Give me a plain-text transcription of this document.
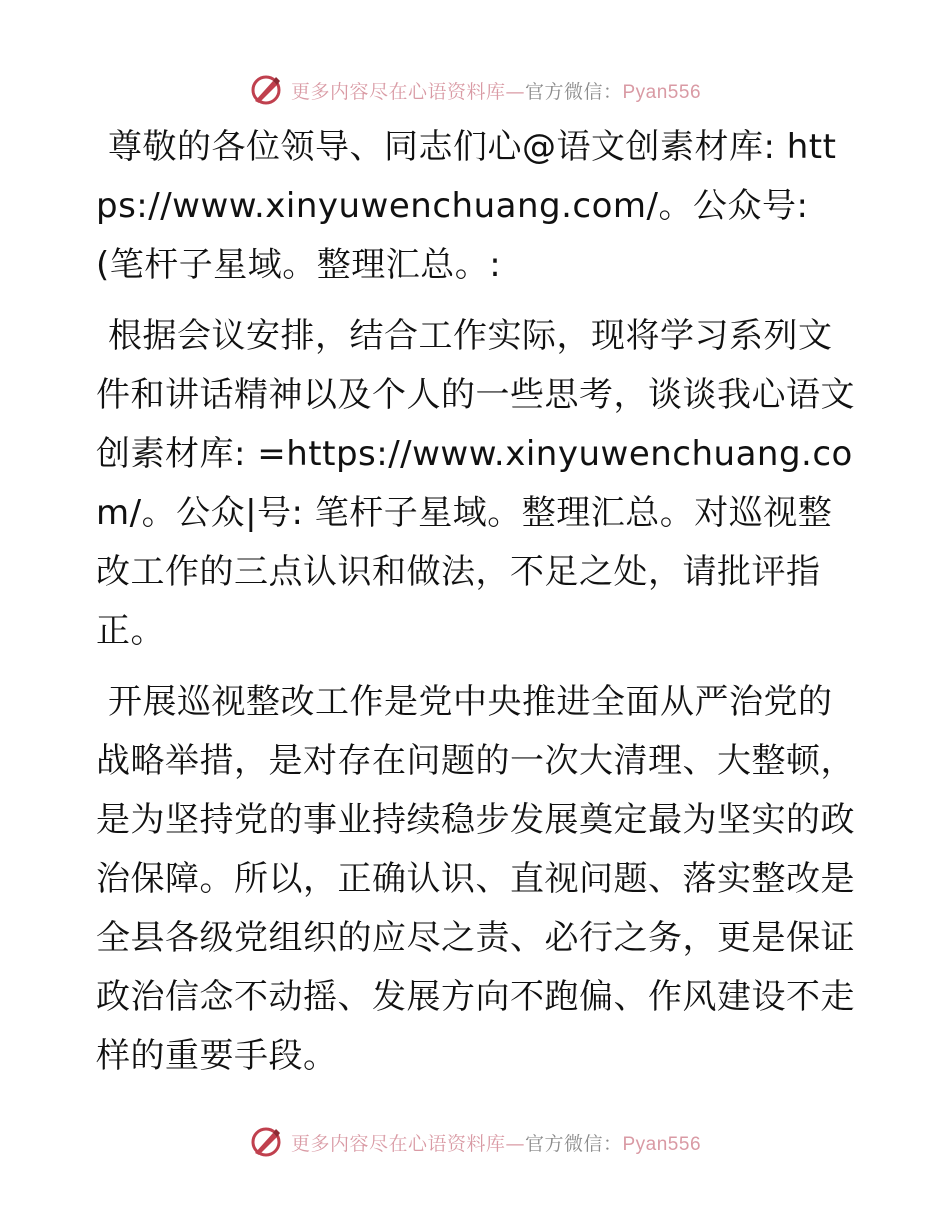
更多内容尽在心语资料库—官方微信：Pyan556

尊敬的各位领导、同志们心@语文创素材库: https://www.xinyuwenchuang.com/。公众号: (笔杆子星域。整理汇总。:

根据会议安排，结合工作实际，现将学习系列文件和讲话精神以及个人的一些思考，谈谈我心语文创素材库: =https://www.xinyuwenchuang.com/。公众|号: 笔杆子星域。整理汇总。对巡视整改工作的三点认识和做法，不足之处，请批评指正。

开展巡视整改工作是党中央推进全面从严治党的战略举措，是对存在问题的一次大清理、大整顿，是为坚持党的事业持续稳步发展奠定最为坚实的政治保障。所以，正确认识、直视问题、落实整改是全县各级党组织的应尽之责、必行之务，更是保证政治信念不动摇、发展方向不跑偏、作风建设不走样的重要手段。

更多内容尽在心语资料库—官方微信：Pyan556
